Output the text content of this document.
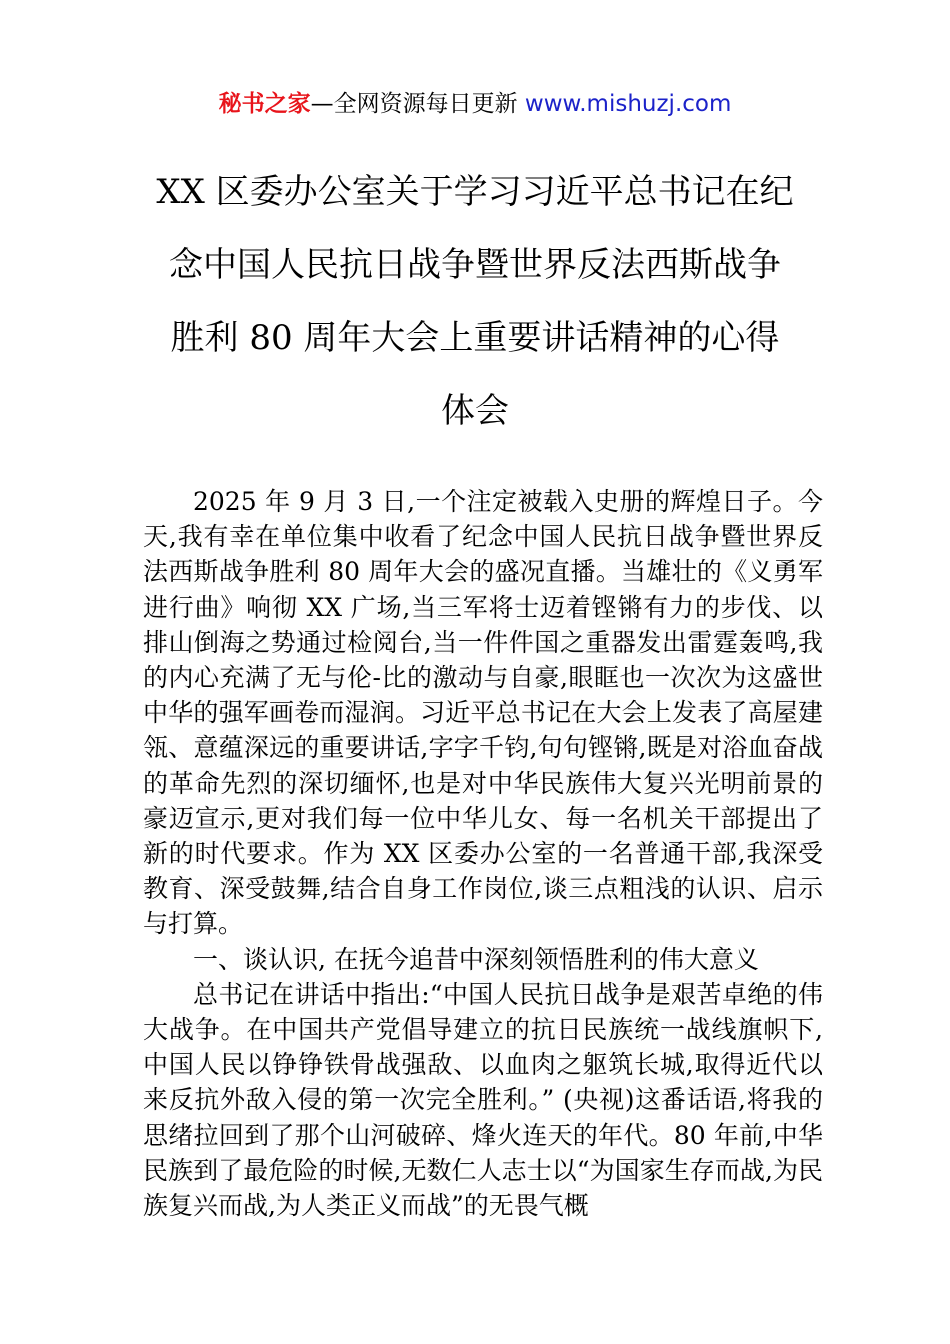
秘书之家—全网资源每日更新 www.mishuzj.com
XX 区委办公室关于学习习近平总书记在纪
念中国人民抗日战争暨世界反法西斯战争
胜利 80 周年大会上重要讲话精神的心得
体会

2025 年 9 月 3 日,一个注定被载入史册的辉煌日子。今天,我有幸在单位集中收看了纪念中国人民抗日战争暨世界反法西斯战争胜利 80 周年大会的盛况直播。当雄壮的《义勇军进行曲》响彻 XX 广场,当三军将士迈着铿锵有力的步伐、以排山倒海之势通过检阅台,当一件件国之重器发出雷霆轰鸣,我的内心充满了无与伦-比的激动与自豪,眼眶也一次次为这盛世中华的强军画卷而湿润。习近平总书记在大会上发表了高屋建瓴、意蕴深远的重要讲话,字字千钧,句句铿锵,既是对浴血奋战的革命先烈的深切缅怀,也是对中华民族伟大复兴光明前景的豪迈宣示,更对我们每一位中华儿女、每一名机关干部提出了新的时代要求。作为 XX 区委办公室的一名普通干部,我深受教育、深受鼓舞,结合自身工作岗位,谈三点粗浅的认识、启示与打算。

一、谈认识, 在抚今追昔中深刻领悟胜利的伟大意义

总书记在讲话中指出:“中国人民抗日战争是艰苦卓绝的伟大战争。在中国共产党倡导建立的抗日民族统一战线旗帜下,中国人民以铮铮铁骨战强敌、以血肉之躯筑长城,取得近代以来反抗外敌入侵的第一次完全胜利。” (央视)这番话语,将我的思绪拉回到了那个山河破碎、烽火连天的年代。80 年前,中华民族到了最危险的时候,无数仁人志士以“为国家生存而战,为民族复兴而战,为人类正义而战”的无畏气概
